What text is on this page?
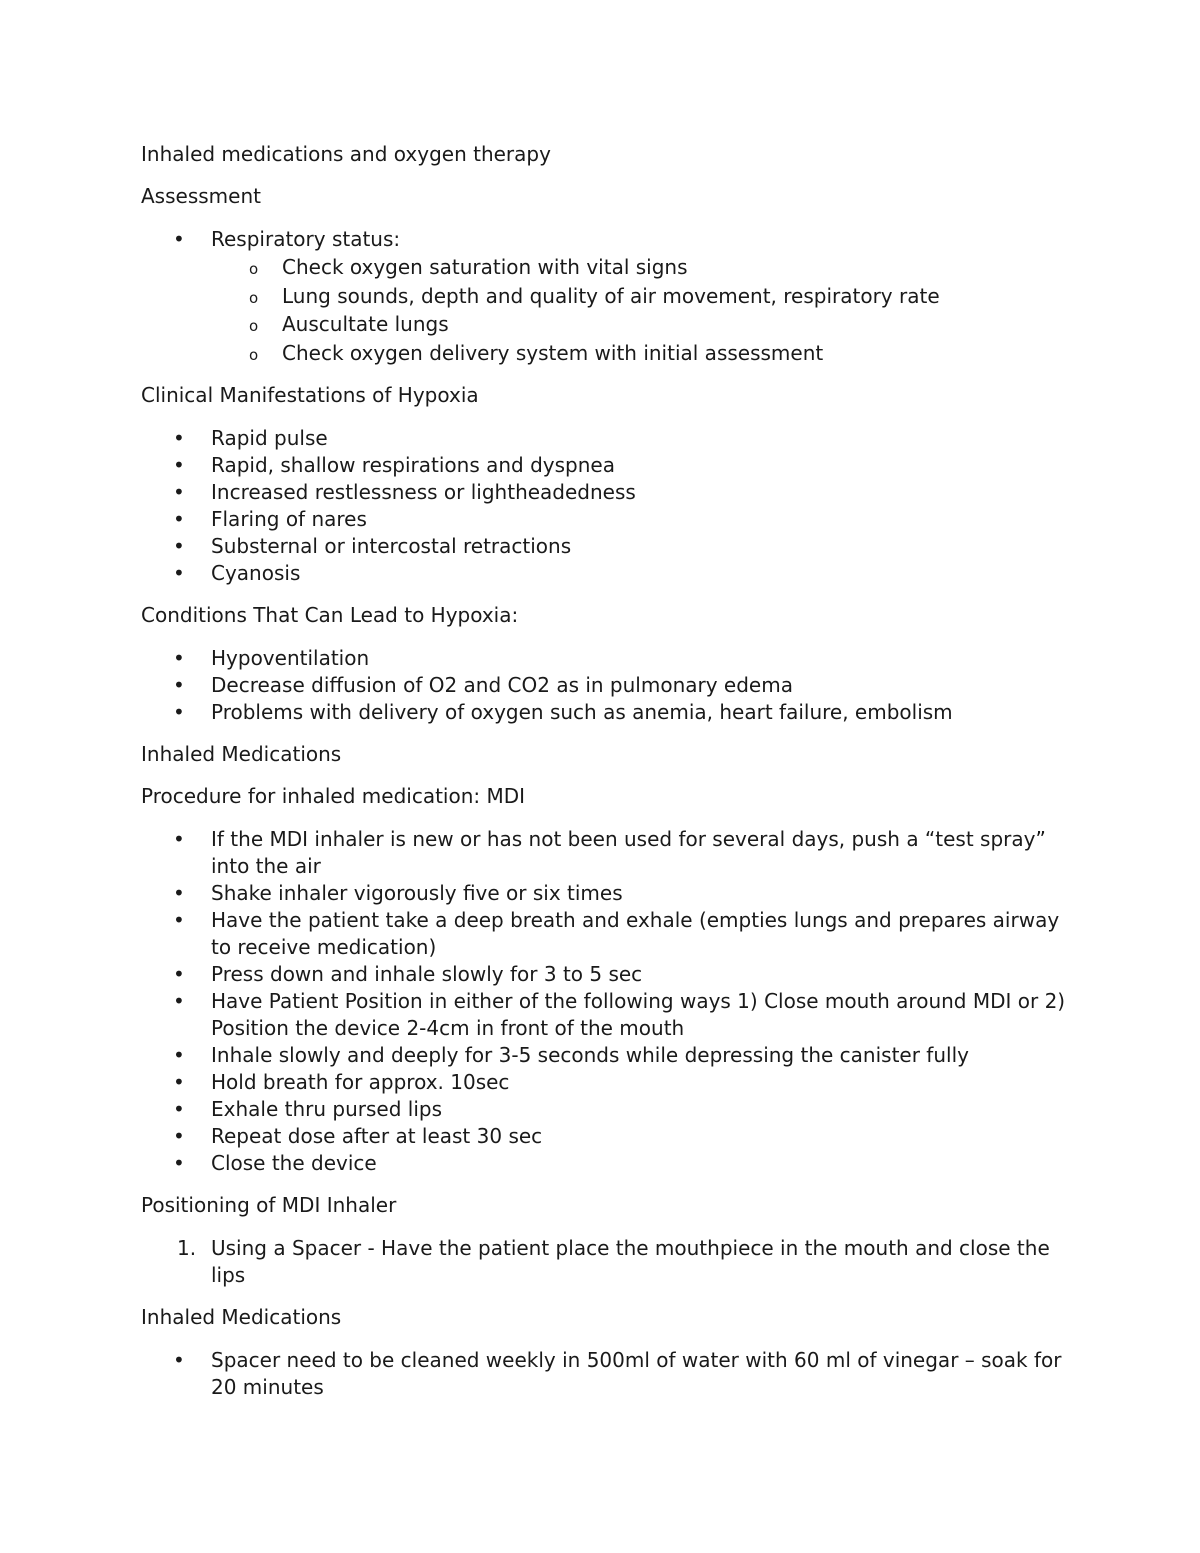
Inhaled medications and oxygen therapy

Assessment

• Respiratory status:
o Check oxygen saturation with vital signs
o Lung sounds, depth and quality of air movement, respiratory rate
o Auscultate lungs
o Check oxygen delivery system with initial assessment

Clinical Manifestations of Hypoxia

• Rapid pulse
• Rapid, shallow respirations and dyspnea
• Increased restlessness or lightheadedness
• Flaring of nares
• Substernal or intercostal retractions
• Cyanosis

Conditions That Can Lead to Hypoxia:

• Hypoventilation
• Decrease diffusion of O2 and CO2 as in pulmonary edema
• Problems with delivery of oxygen such as anemia, heart failure, embolism

Inhaled Medications

Procedure for inhaled medication: MDI

• If the MDI inhaler is new or has not been used for several days, push a “test spray” into the air
• Shake inhaler vigorously five or six times
• Have the patient take a deep breath and exhale (empties lungs and prepares airway to receive medication)
• Press down and inhale slowly for 3 to 5 sec
• Have Patient Position in either of the following ways 1) Close mouth around MDI or 2) Position the device 2-4cm in front of the mouth
• Inhale slowly and deeply for 3-5 seconds while depressing the canister fully
• Hold breath for approx. 10sec
• Exhale thru pursed lips
• Repeat dose after at least 30 sec
• Close the device

Positioning of MDI Inhaler

1. Using a Spacer - Have the patient place the mouthpiece in the mouth and close the lips

Inhaled Medications

• Spacer need to be cleaned weekly in 500ml of water with 60 ml of vinegar – soak for 20 minutes
